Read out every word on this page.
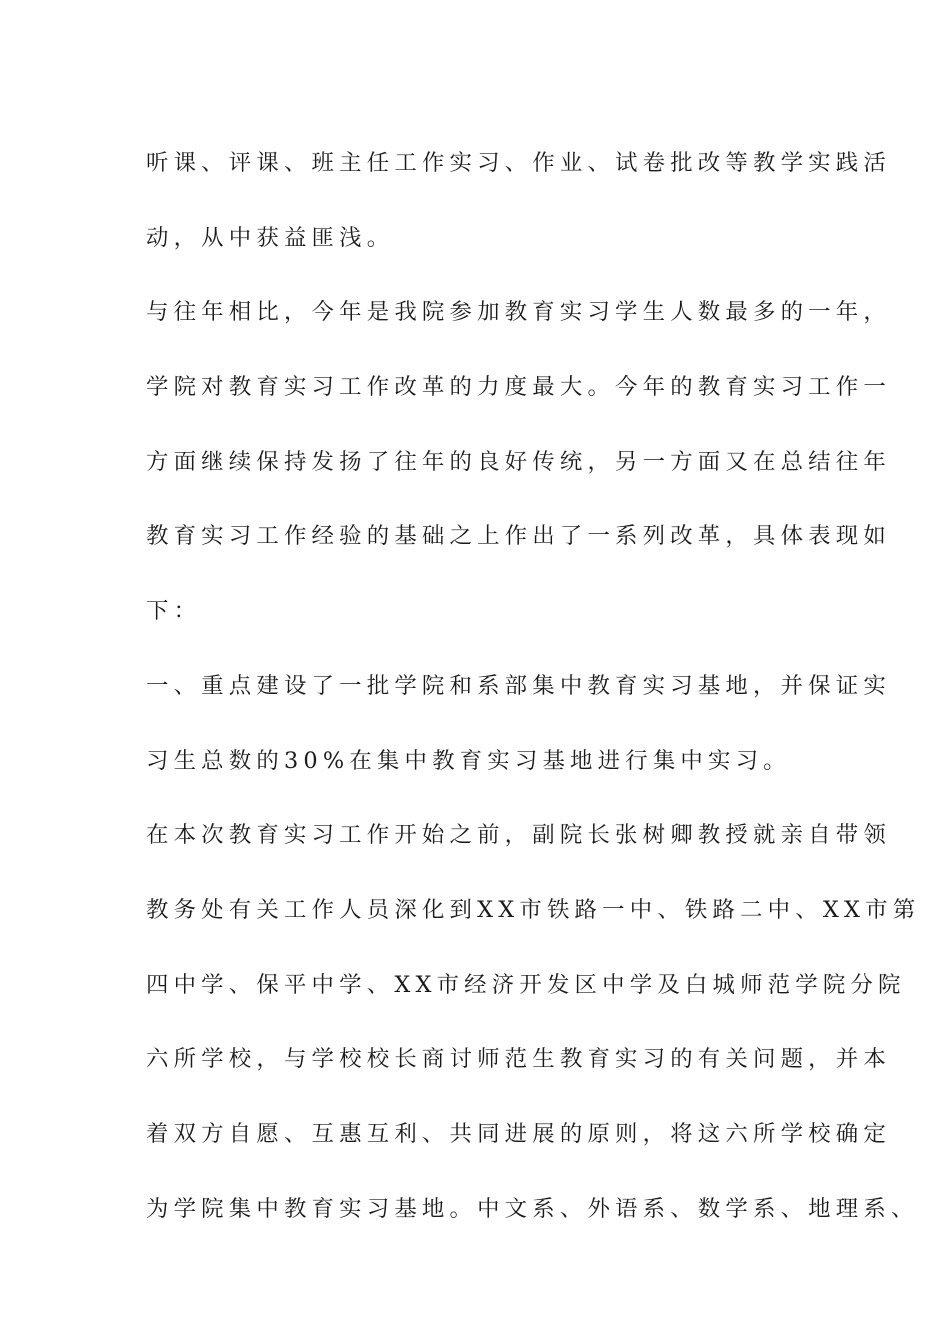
听课、评课、班主任工作实习、作业、试卷批改等教学实践活
动，从中获益匪浅。
与往年相比，今年是我院参加教育实习学生人数最多的一年，
学院对教育实习工作改革的力度最大。今年的教育实习工作一
方面继续保持发扬了往年的良好传统，另一方面又在总结往年
教育实习工作经验的基础之上作出了一系列改革，具体表现如
下：
一、重点建设了一批学院和系部集中教育实习基地，并保证实
习生总数的30%在集中教育实习基地进行集中实习。
在本次教育实习工作开始之前，副院长张树卿教授就亲自带领
教务处有关工作人员深化到XX市铁路一中、铁路二中、XX市第
四中学、保平中学、XX市经济开发区中学及白城师范学院分院
六所学校，与学校校长商讨师范生教育实习的有关问题，并本
着双方自愿、互惠互利、共同进展的原则，将这六所学校确定
为学院集中教育实习基地。中文系、外语系、数学系、地理系、
